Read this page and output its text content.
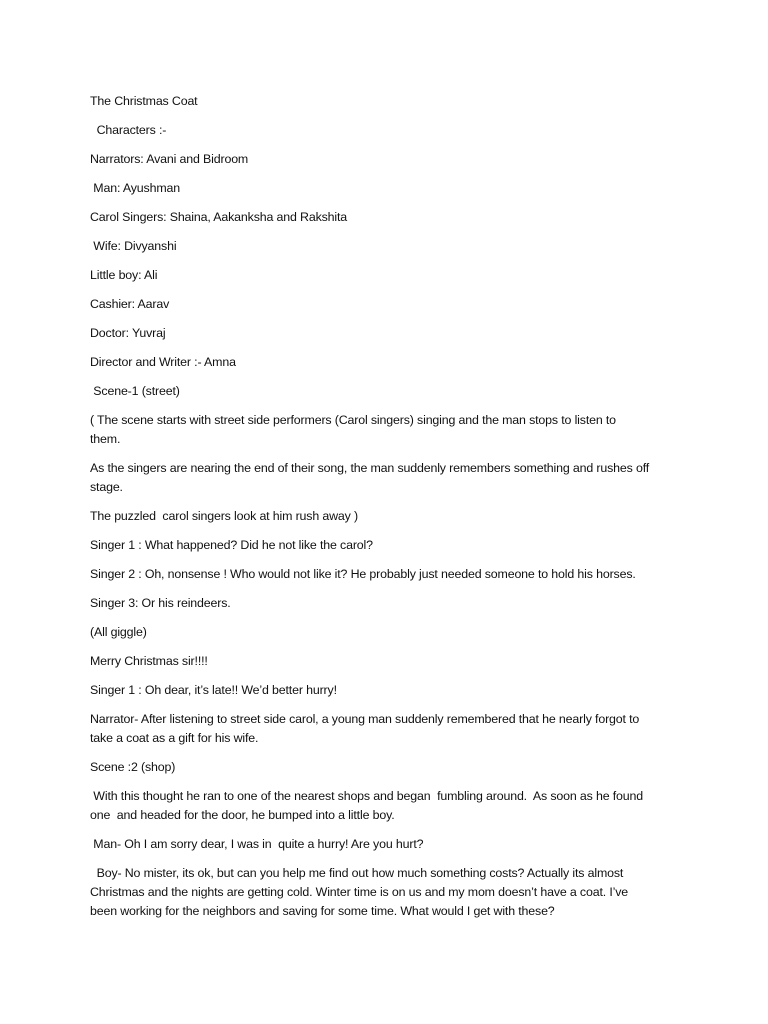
The Christmas Coat

Characters :-

Narrators: Avani and Bidroom

Man: Ayushman

Carol Singers: Shaina, Aakanksha and Rakshita

Wife: Divyanshi

Little boy: Ali

Cashier: Aarav

Doctor: Yuvraj

Director and Writer :- Amna

Scene-1 (street)

( The scene starts with street side performers (Carol singers) singing and the man stops to listen to
them.

As the singers are nearing the end of their song, the man suddenly remembers something and rushes off
stage.

The puzzled  carol singers look at him rush away )

Singer 1 : What happened? Did he not like the carol?

Singer 2 : Oh, nonsense ! Who would not like it? He probably just needed someone to hold his horses.

Singer 3: Or his reindeers.

(All giggle)

Merry Christmas sir!!!!

Singer 1 : Oh dear, it’s late!! We’d better hurry!

Narrator- After listening to street side carol, a young man suddenly remembered that he nearly forgot to
take a coat as a gift for his wife.

Scene :2 (shop)

With this thought he ran to one of the nearest shops and began  fumbling around.  As soon as he found
one  and headed for the door, he bumped into a little boy.

Man- Oh I am sorry dear, I was in  quite a hurry! Are you hurt?

Boy- No mister, its ok, but can you help me find out how much something costs? Actually its almost
Christmas and the nights are getting cold. Winter time is on us and my mom doesn’t have a coat. I’ve
been working for the neighbors and saving for some time. What would I get with these?
